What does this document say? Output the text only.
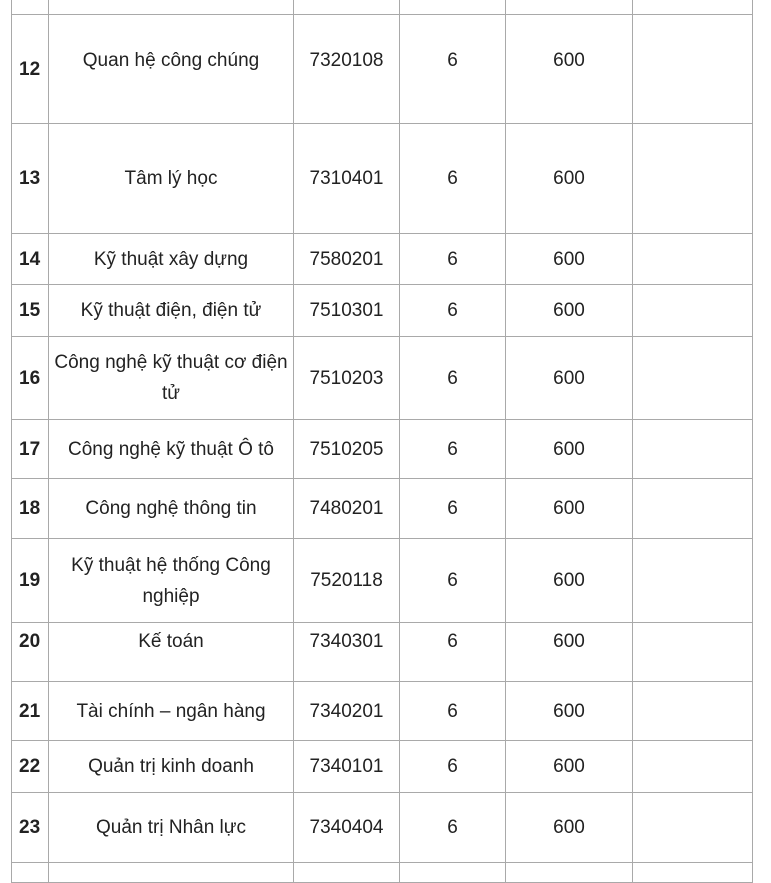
12	Quan hệ công chúng	7320108	6	600	
13	Tâm lý học	7310401	6	600	
14	Kỹ thuật xây dựng	7580201	6	600	
15	Kỹ thuật điện, điện tử	7510301	6	600	
16	Công nghệ kỹ thuật cơ điện tử	7510203	6	600	
17	Công nghệ kỹ thuật Ô tô	7510205	6	600	
18	Công nghệ thông tin	7480201	6	600	
19	Kỹ thuật hệ thống Công nghiệp	7520118	6	600	
20	Kế toán	7340301	6	600	
21	Tài chính – ngân hàng	7340201	6	600	
22	Quản trị kinh doanh	7340101	6	600	
23	Quản trị Nhân lực	7340404	6	600	
